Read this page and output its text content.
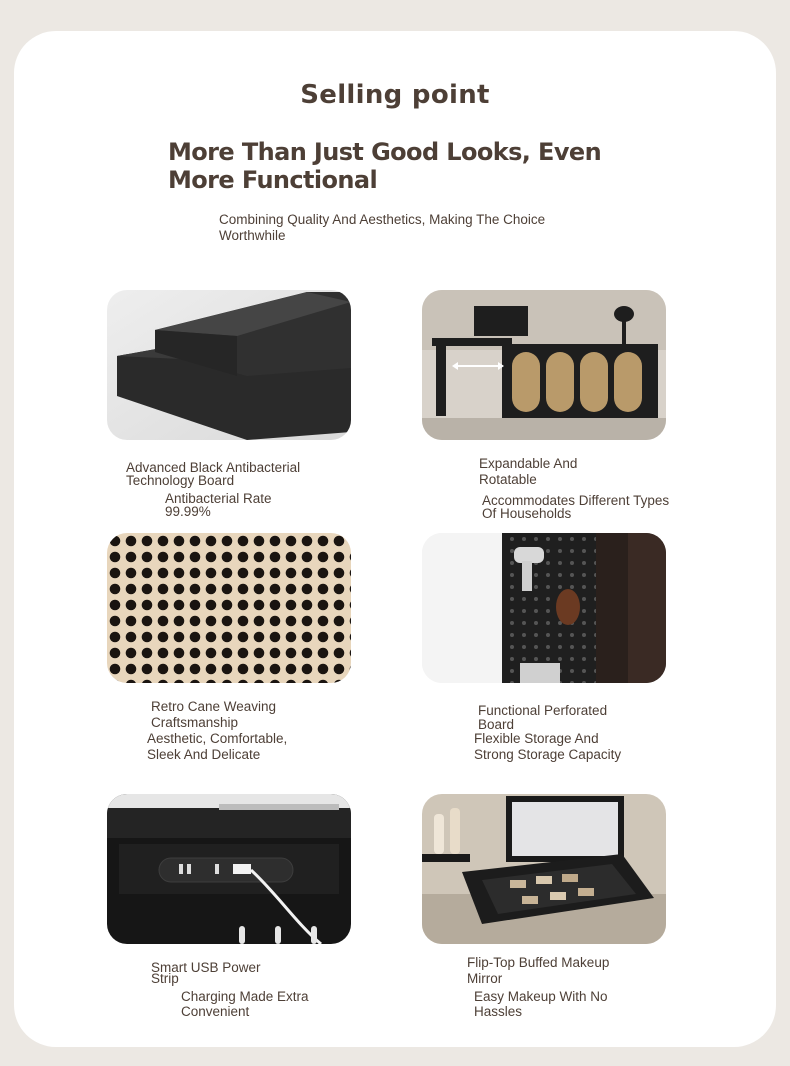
Selling point
More Than Just Good Looks, Even More Functional
Combining Quality And Aesthetics, Making The Choice Worthwhile
Advanced Black Antibacterial Technology Board
Antibacterial Rate 99.99%
Expandable And Rotatable
Accommodates Different Types Of Households
Retro Cane Weaving Craftsmanship
Aesthetic, Comfortable, Sleek And Delicate
Functional Perforated Board
Flexible Storage And Strong Storage Capacity
Smart USB Power Strip
Charging Made Extra Convenient
Flip-Top Buffed Makeup Mirror
Easy Makeup With No Hassles
